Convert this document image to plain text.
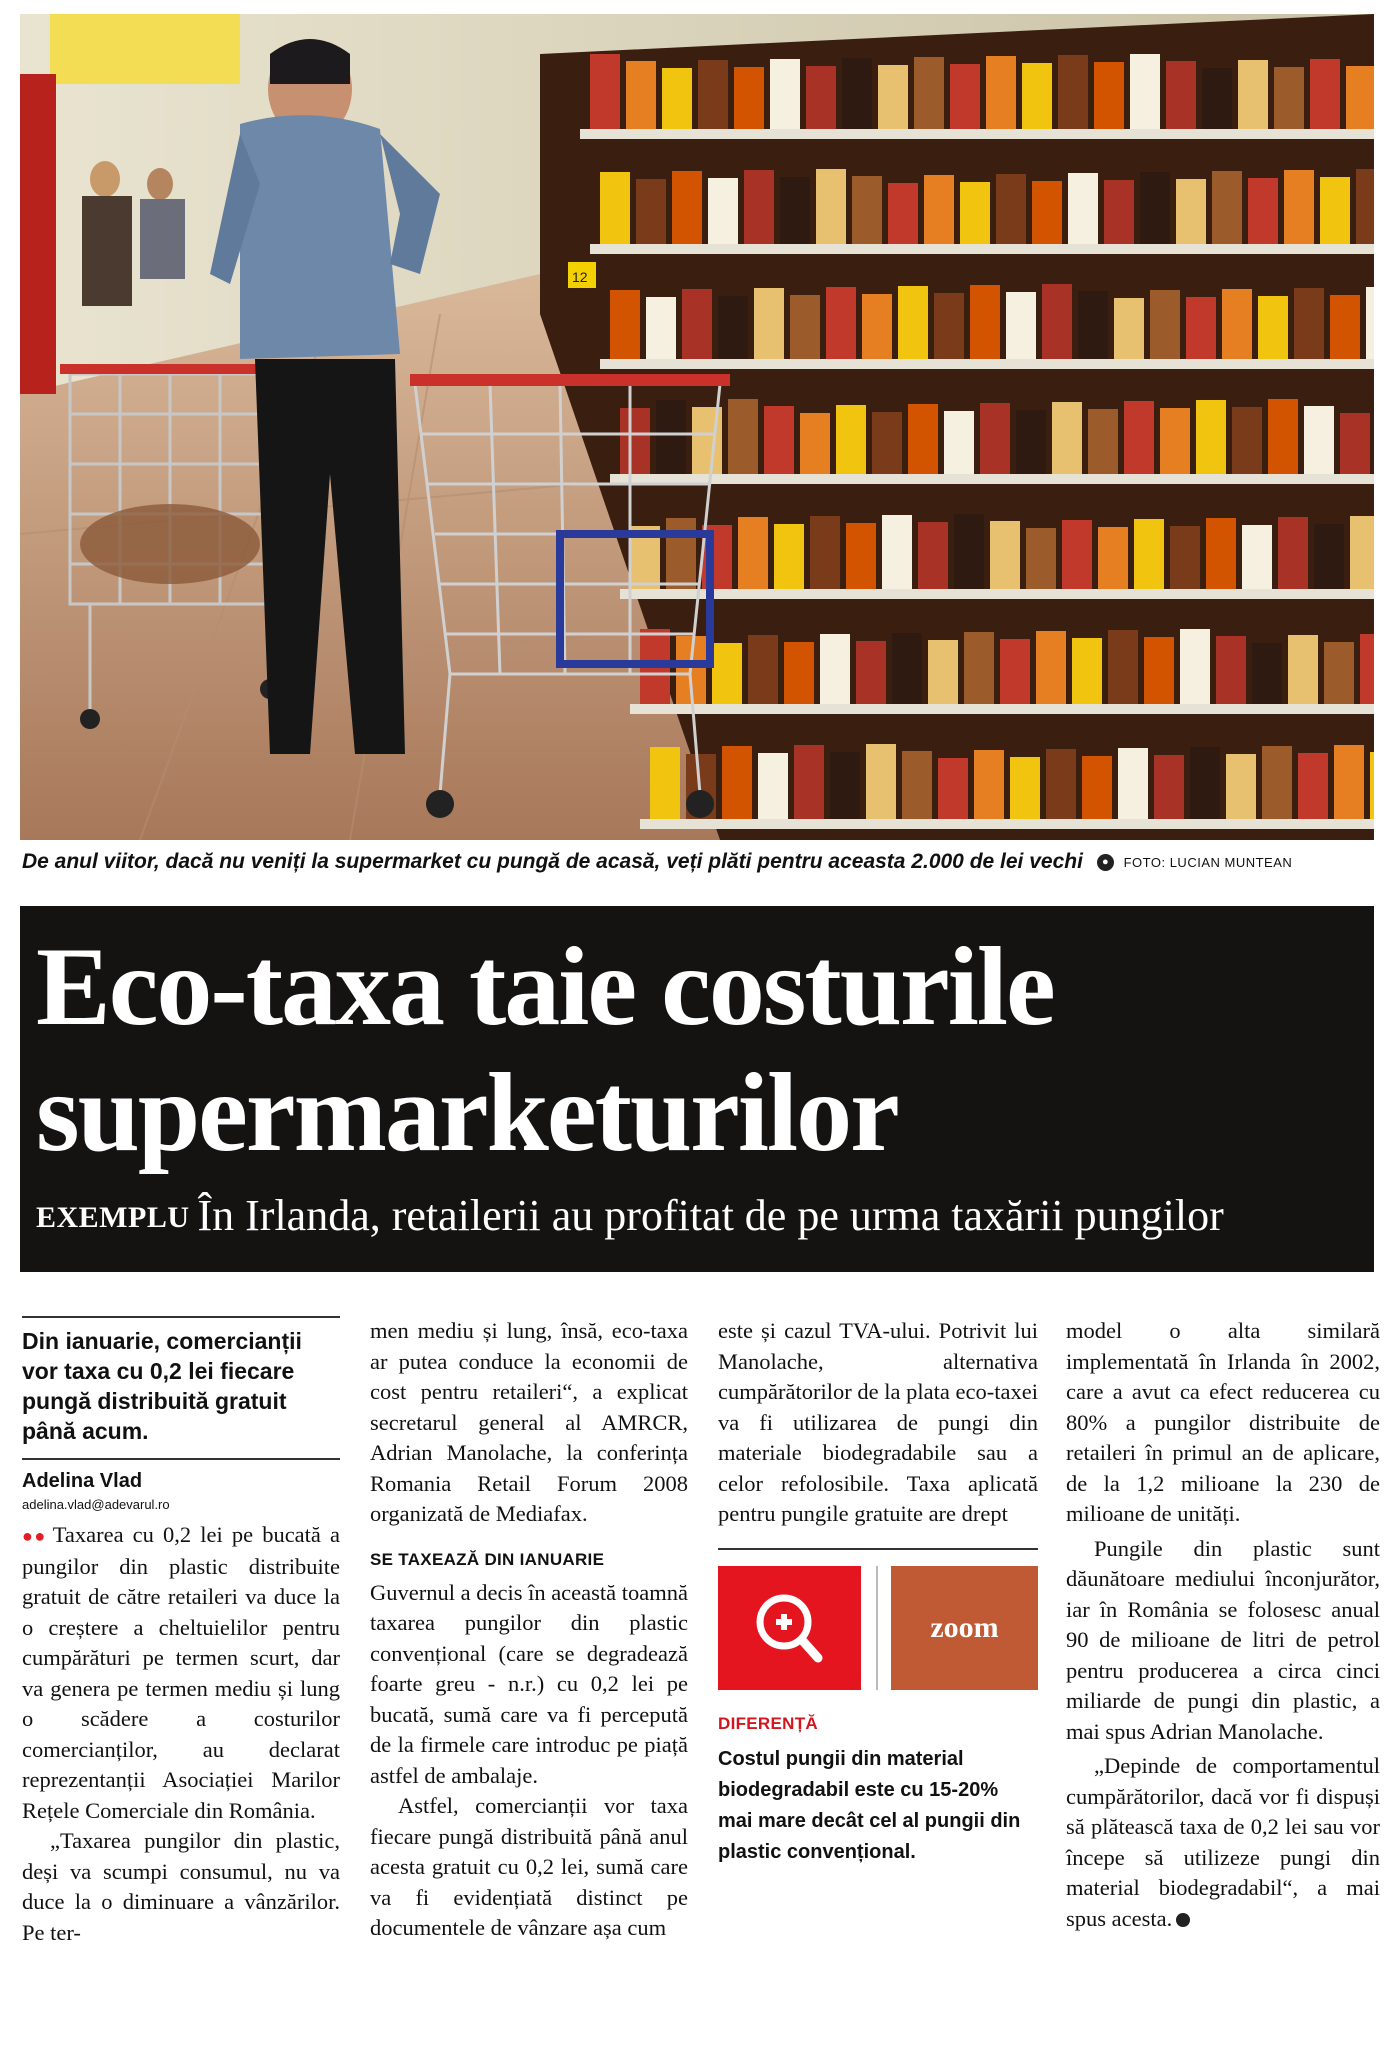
12
De anul viitor, dacă nu veniți la supermarket cu pungă de acasă, veți plăti pentru aceasta 2.000 de lei vechi ● FOTO: LUCIAN MUNTEAN
Eco-taxa taie costurile
supermarketurilor
EXEMPLU În Irlanda, retailerii au profitat de pe urma taxării pungilor
Din ianuarie, comercianții vor taxa cu 0,2 lei fiecare pungă distribuită gratuit până acum.
Adelina Vlad
adelina.vlad@adevarul.ro

●● Taxarea cu 0,2 lei pe bucată a pungilor din plastic distribuite gratuit de către retaileri va duce la o creștere a cheltuielilor pentru cumpărături pe termen scurt, dar va genera pe termen mediu și lung o scădere a costurilor comercianților, au declarat reprezentanții Asociației Marilor Rețele Comerciale din România.

„Taxarea pungilor din plastic, deși va scumpi consumul, nu va duce la o diminuare a vânzărilor. Pe ter-

men mediu și lung, însă, eco-taxa ar putea conduce la economii de cost pentru retaileri“, a explicat secretarul general al AMRCR, Adrian Manolache, la conferința Romania Retail Forum 2008 organizată de Mediafax.

SE TAXEAZĂ DIN IANUARIE

Guvernul a decis în această toamnă taxarea pungilor din plastic convențional (care se degradează foarte greu - n.r.) cu 0,2 lei pe bucată, sumă care va fi percepută de la firmele care introduc pe piață astfel de ambalaje.

Astfel, comercianții vor taxa fiecare pungă distribuită până anul acesta gratuit cu 0,2 lei, sumă care va fi evidențiată distinct pe documentele de vânzare așa cum

este și cazul TVA-ului. Potrivit lui Manolache, alternativa cumpărătorilor de la plata eco-taxei va fi utilizarea de pungi din materiale biodegradabile sau a celor refolosibile. Taxa aplicată pentru pungile gratuite are drept

zoom
DIFERENȚĂ
Costul pungii din material biodegradabil este cu 15-20% mai mare decât cel al pungii din plastic convențional.

model o alta similară implementată în Irlanda în 2002, care a avut ca efect reducerea cu 80% a pungilor distribuite de retaileri în primul an de aplicare, de la 1,2 milioane la 230 de milioane de unități.

Pungile din plastic sunt dăunătoare mediului înconjurător, iar în România se folosesc anual 90 de milioane de litri de petrol pentru producerea a circa cinci miliarde de pungi din plastic, a mai spus Adrian Manolache.

„Depinde de comportamentul cumpărătorilor, dacă vor fi dispuși să plătească taxa de 0,2 lei sau vor începe să utilizeze pungi din material biodegradabil“, a mai spus acesta.	■
